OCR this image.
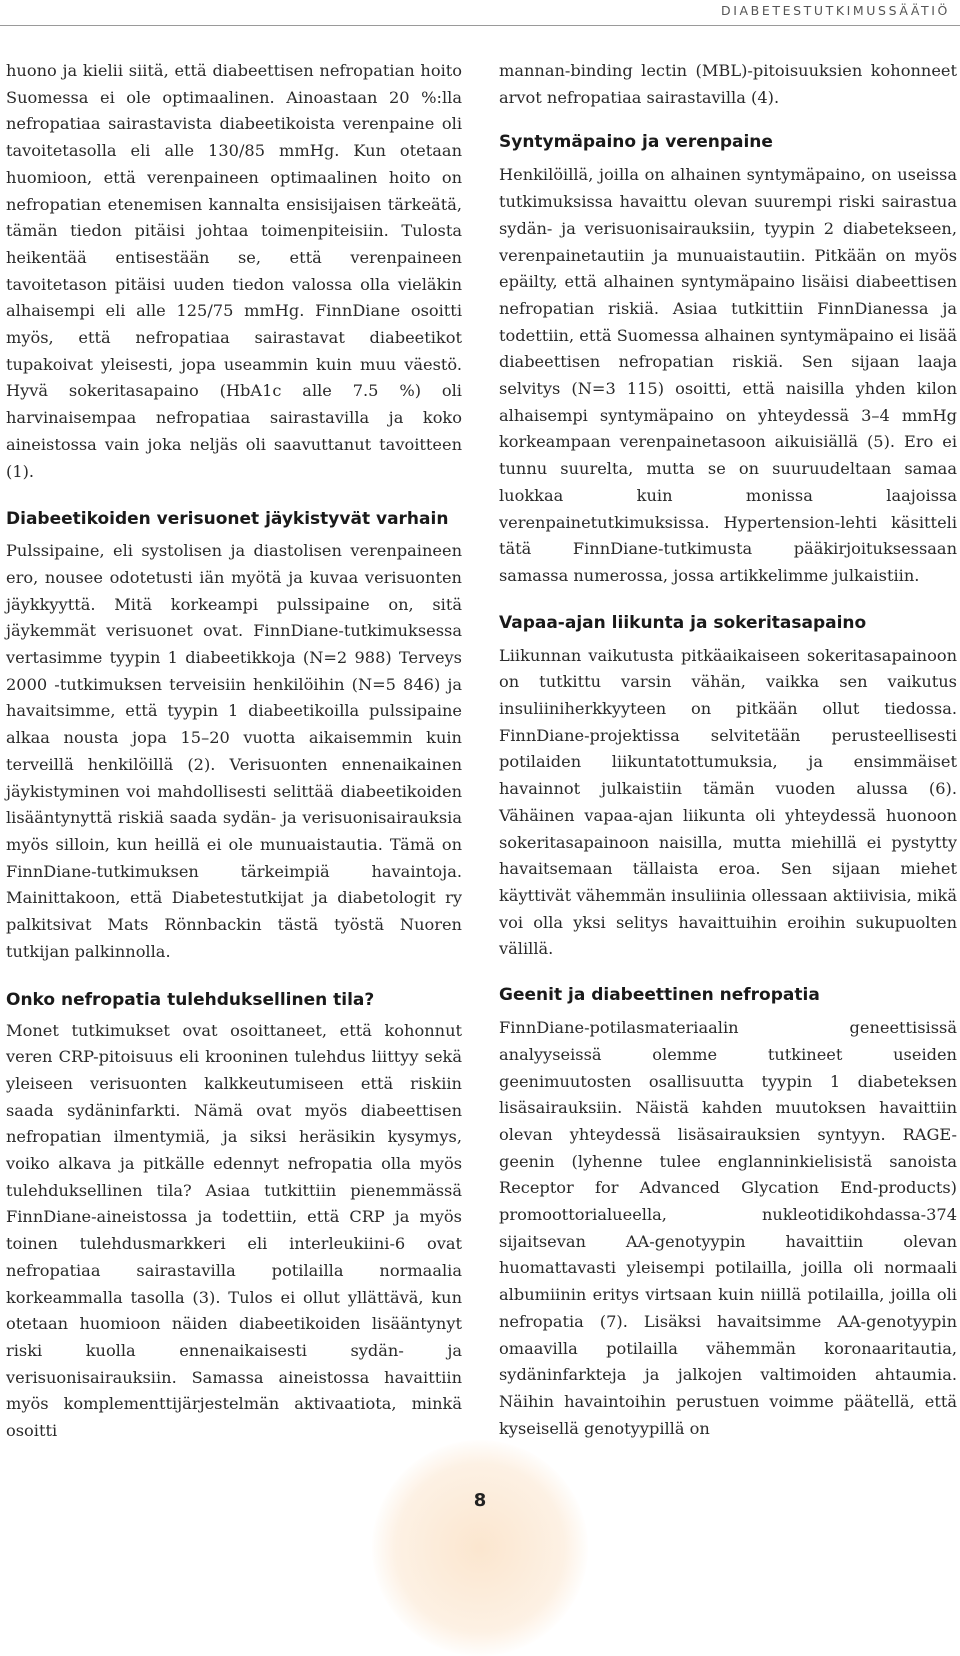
DIABETESTUTKIMUSSÄÄTIÖ

huono ja kielii siitä, että diabeettisen nefropatian hoito Suomessa ei ole optimaalinen. Ainoastaan 20 %:lla nefropatiaa sairastavista diabeetikoista verenpaine oli tavoitetasolla eli alle 130/85 mmHg. Kun otetaan huomioon, että verenpaineen optimaalinen hoito on nefropatian etenemisen kannalta ensisijaisen tärkeätä, tämän tiedon pitäisi johtaa toimenpiteisiin. Tulosta heikentää entisestään se, että verenpaineen tavoitetason pitäisi uuden tiedon valossa olla vieläkin alhaisempi eli alle 125/75 mmHg. FinnDiane osoitti myös, että nefropatiaa sairastavat diabeetikot tupakoivat yleisesti, jopa useammin kuin muu väestö. Hyvä sokeritasapaino (HbA1c alle 7.5 %) oli harvinaisempaa nefropatiaa sairastavilla ja koko aineistossa vain joka neljäs oli saavuttanut tavoitteen (1).

Diabeetikoiden verisuonet jäykistyvät varhain

Pulssipaine, eli systolisen ja diastolisen verenpaineen ero, nousee odotetusti iän myötä ja kuvaa verisuonten jäykkyyttä. Mitä korkeampi pulssipaine on, sitä jäykemmät verisuonet ovat. FinnDiane-tutkimuksessa vertasimme tyypin 1 diabeetikkoja (N=2 988) Terveys 2000 -tutkimuksen terveisiin henkilöihin (N=5 846) ja havaitsimme, että tyypin 1 diabeetikoilla pulssipaine alkaa nousta jopa 15–20 vuotta aikaisemmin kuin terveillä henkilöillä (2). Verisuonten ennenaikainen jäykistyminen voi mahdollisesti selittää diabeetikoiden lisääntynyttä riskiä saada sydän- ja verisuonisairauksia myös silloin, kun heillä ei ole munuaistautia. Tämä on FinnDiane-tutkimuksen tärkeimpiä havaintoja. Mainittakoon, että Diabetestutkijat ja diabetologit ry palkitsivat Mats Rönnbackin tästä työstä Nuoren tutkijan palkinnolla.

Onko nefropatia tulehduksellinen tila?

Monet tutkimukset ovat osoittaneet, että kohonnut veren CRP-pitoisuus eli krooninen tulehdus liittyy sekä yleiseen verisuonten kalkkeutumiseen että riskiin saada sydäninfarkti. Nämä ovat myös diabeettisen nefropatian ilmentymiä, ja siksi heräsikin kysymys, voiko alkava ja pitkälle edennyt nefropatia olla myös tulehduksellinen tila? Asiaa tutkittiin pienemmässä FinnDiane-aineistossa ja todettiin, että CRP ja myös toinen tulehdusmarkkeri eli interleukiini-6 ovat nefropatiaa sairastavilla potilailla normaalia korkeammalla tasolla (3). Tulos ei ollut yllättävä, kun otetaan huomioon näiden diabeetikoiden lisääntynyt riski kuolla ennenaikaisesti sydän- ja verisuonisairauksiin. Samassa aineistossa havaittiin myös komplementtijärjestelmän aktivaatiota, minkä osoitti

mannan-binding lectin (MBL)-pitoisuuksien kohonneet arvot nefropatiaa sairastavilla (4).

Syntymäpaino ja verenpaine

Henkilöillä, joilla on alhainen syntymäpaino, on useissa tutkimuksissa havaittu olevan suurempi riski sairastua sydän- ja verisuonisairauksiin, tyypin 2 diabetekseen, verenpainetautiin ja munuaistautiin. Pitkään on myös epäilty, että alhainen syntymäpaino lisäisi diabeettisen nefropatian riskiä. Asiaa tutkittiin FinnDianessa ja todettiin, että Suomessa alhainen syntymäpaino ei lisää diabeettisen nefropatian riskiä. Sen sijaan laaja selvitys (N=3 115) osoitti, että naisilla yhden kilon alhaisempi syntymäpaino on yhteydessä 3–4 mmHg korkeampaan verenpainetasoon aikuisiällä (5). Ero ei tunnu suurelta, mutta se on suuruudeltaan samaa luokkaa kuin monissa laajoissa verenpainetutkimuksissa. Hypertension-lehti käsitteli tätä FinnDiane-tutkimusta pääkirjoituksessaan samassa numerossa, jossa artikkelimme julkaistiin.

Vapaa-ajan liikunta ja sokeritasapaino

Liikunnan vaikutusta pitkäaikaiseen sokeritasapainoon on tutkittu varsin vähän, vaikka sen vaikutus insuliiniherkkyyteen on pitkään ollut tiedossa. FinnDiane-projektissa selvitetään perusteellisesti potilaiden liikuntatottumuksia, ja ensimmäiset havainnot julkaistiin tämän vuoden alussa (6). Vähäinen vapaa-ajan liikunta oli yhteydessä huonoon sokeritasapainoon naisilla, mutta miehillä ei pystytty havaitsemaan tällaista eroa. Sen sijaan miehet käyttivät vähemmän insuliinia ollessaan aktiivisia, mikä voi olla yksi selitys havaittuihin eroihin sukupuolten välillä.

Geenit ja diabeettinen nefropatia

FinnDiane-potilasmateriaalin geneettisissä analyyseissä olemme tutkineet useiden geenimuutosten osallisuutta tyypin 1 diabeteksen lisäsairauksiin. Näistä kahden muutoksen havaittiin olevan yhteydessä lisäsairauksien syntyyn. RAGE-geenin (lyhenne tulee englanninkielisistä sanoista Receptor for Advanced Glycation End-products) promoottorialueella, nukleotidikohdassa-374 sijaitsevan AA-genotyypin havaittiin olevan huomattavasti yleisempi potilailla, joilla oli normaali albumiinin eritys virtsaan kuin niillä potilailla, joilla oli nefropatia (7). Lisäksi havaitsimme AA-genotyypin omaavilla potilailla vähemmän koronaaritautia, sydäninfarkteja ja jalkojen valtimoiden ahtaumia. Näihin havaintoihin perustuen voimme päätellä, että kyseisellä genotyypillä on

8
